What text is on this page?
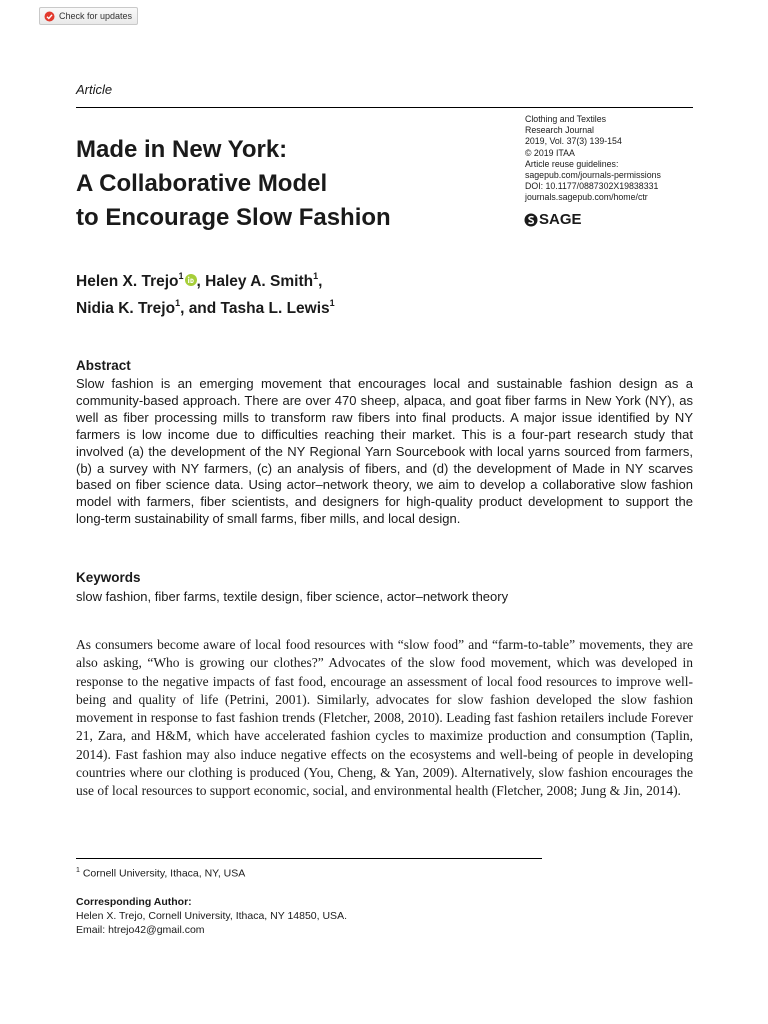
Check for updates
Article
Made in New York:
A Collaborative Model
to Encourage Slow Fashion
Clothing and Textiles
Research Journal
2019, Vol. 37(3) 139-154
© 2019 ITAA
Article reuse guidelines:
sagepub.com/journals-permissions
DOI: 10.1177/0887302X19838331
journals.sagepub.com/home/ctr
SAGE
Helen X. Trejo$^1$ , Haley A. Smith$^1$,
Nidia K. Trejo$^1$, and Tasha L. Lewis$^1$
Abstract
Slow fashion is an emerging movement that encourages local and sustainable fashion design as a community-based approach. There are over 470 sheep, alpaca, and goat fiber farms in New York (NY), as well as fiber processing mills to transform raw fibers into final products. A major issue identified by NY farmers is low income due to difficulties reaching their market. This is a four-part research study that involved (a) the development of the NY Regional Yarn Sourcebook with local yarns sourced from farmers, (b) a survey with NY farmers, (c) an analysis of fibers, and (d) the development of Made in NY scarves based on fiber science data. Using actor–network theory, we aim to develop a collaborative slow fashion model with farmers, fiber scientists, and designers for high-quality product development to support the long-term sustainability of small farms, fiber mills, and local design.
Keywords
slow fashion, fiber farms, textile design, fiber science, actor–network theory
As consumers become aware of local food resources with “slow food” and “farm-to-table” movements, they are also asking, “Who is growing our clothes?” Advocates of the slow food movement, which was developed in response to the negative impacts of fast food, encourage an assessment of local food resources to improve well-being and quality of life (Petrini, 2001). Similarly, advocates for slow fashion developed the slow fashion movement in response to fast fashion trends (Fletcher, 2008, 2010). Leading fast fashion retailers include Forever 21, Zara, and H&M, which have accelerated fashion cycles to maximize production and consumption (Taplin, 2014). Fast fashion may also induce negative effects on the ecosystems and well-being of people in developing countries where our clothing is produced (You, Cheng, & Yan, 2009). Alternatively, slow fashion encourages the use of local resources to support economic, social, and environmental health (Fletcher, 2008; Jung & Jin, 2014).
$^1$ Cornell University, Ithaca, NY, USA
Corresponding Author:
Helen X. Trejo, Cornell University, Ithaca, NY 14850, USA.
Email: htrejo42@gmail.com
